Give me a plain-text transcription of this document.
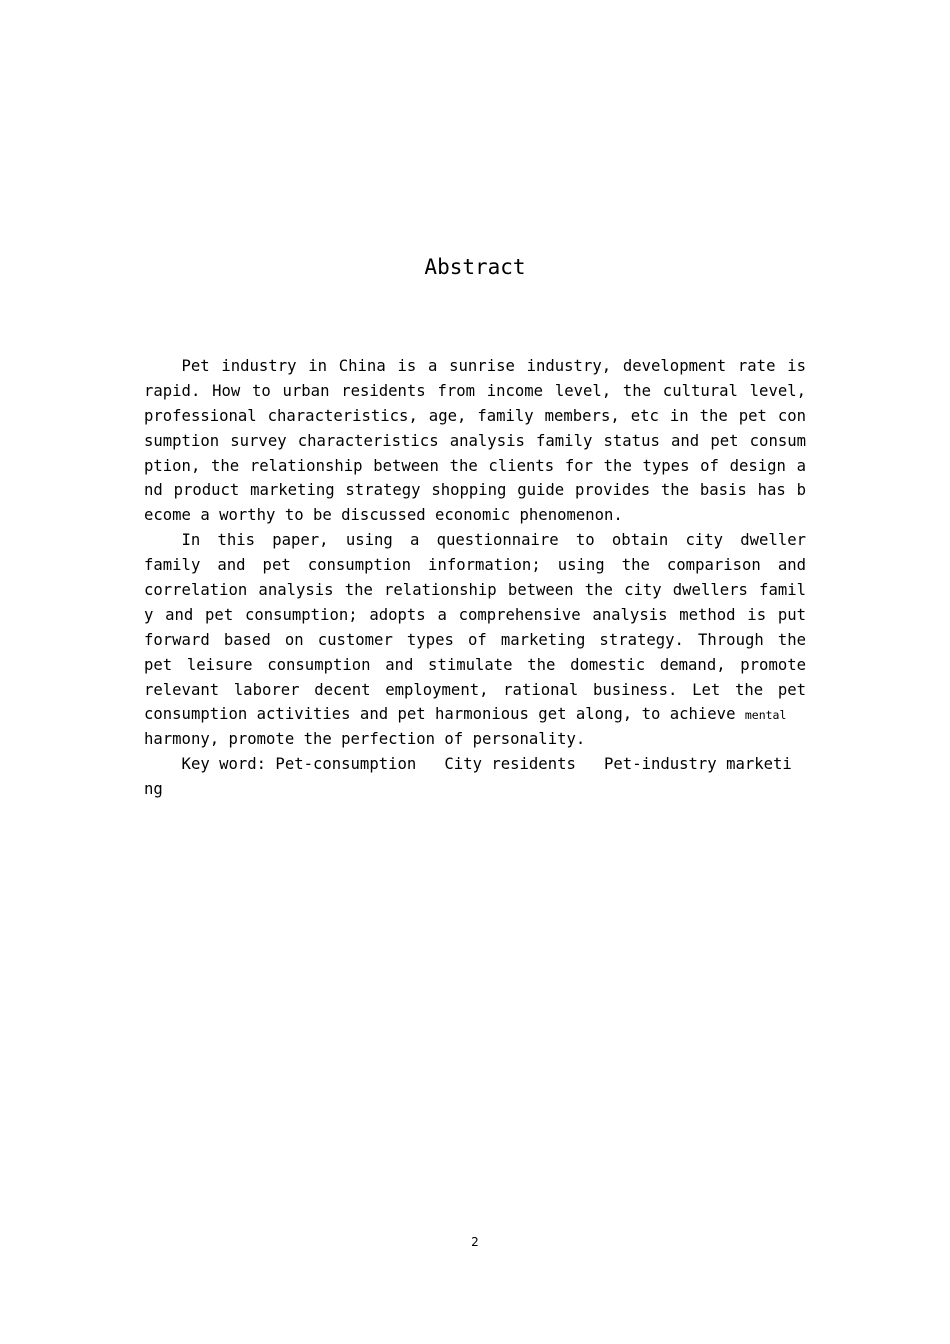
Abstract
Pet industry in China is a sunrise industry, development rate is
rapid. How to urban residents from income level, the cultural level,
professional characteristics, age, family members, etc in the pet con
sumption survey characteristics analysis family status and pet consum
ption, the relationship between the clients for the types of design a
nd product marketing strategy shopping guide provides the basis has b
ecome a worthy to be discussed economic phenomenon.
In this paper, using a questionnaire to obtain city dweller
family and pet consumption information; using the comparison and
correlation analysis the relationship between the city dwellers famil
y and pet consumption; adopts a comprehensive analysis method is put
forward based on customer types of marketing strategy. Through the
pet leisure consumption and stimulate the domestic demand, promote
relevant laborer decent employment, rational business. Let the pet
consumption activities and pet harmonious get along, to achieve mental
harmony, promote the perfection of personality.
Key word: Pet-consumption   City residents   Pet-industry marketi
ng
2
